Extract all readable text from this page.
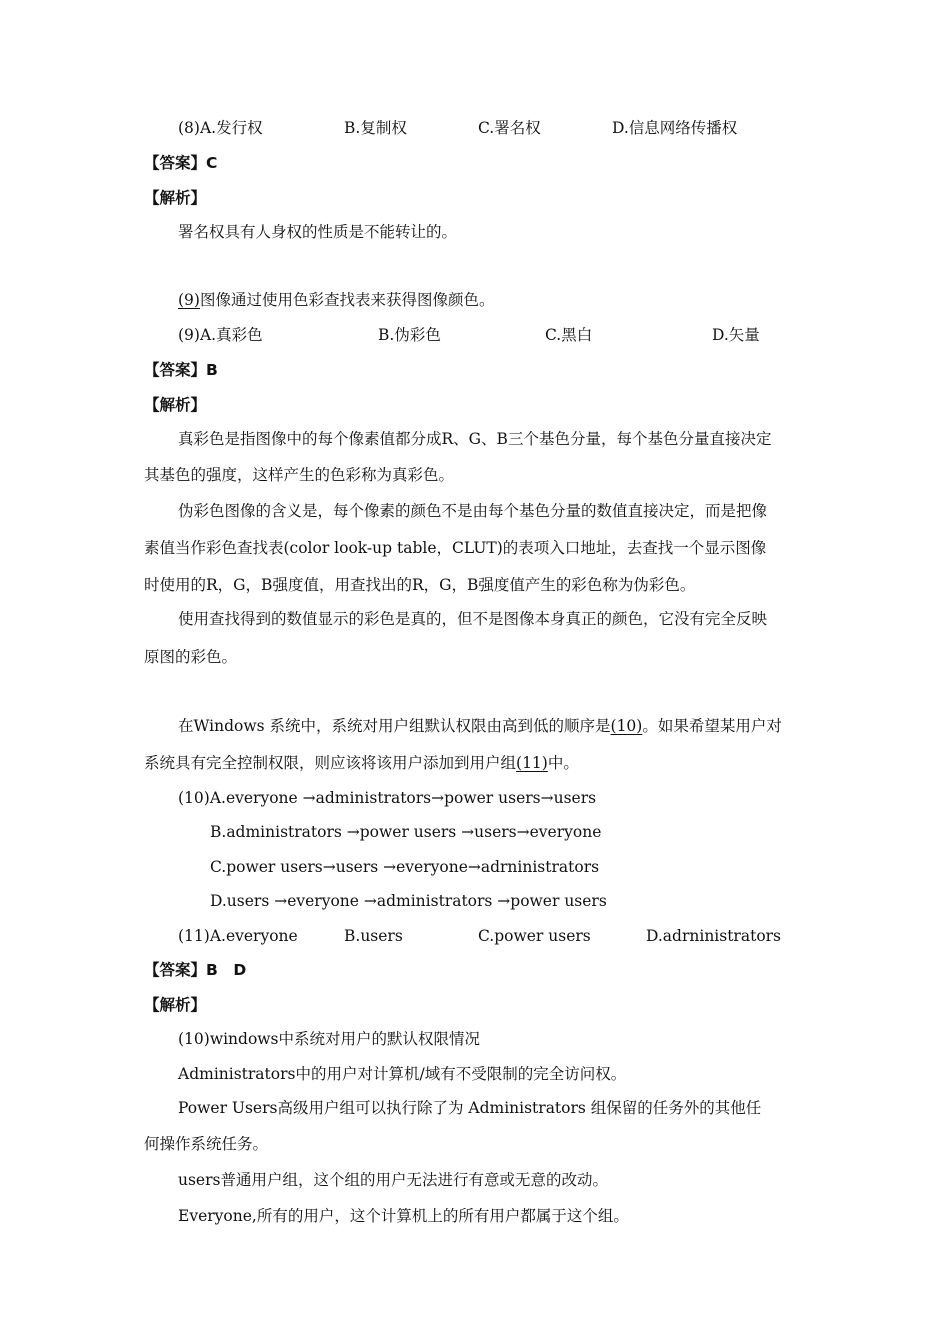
(8)A.发行权	B.复制权	C.署名权	D.信息网络传播权
【答案】C
【解析】
署名权具有人身权的性质是不能转让的。
(9)图像通过使用色彩查找表来获得图像颜色。
(9)A.真彩色	B.伪彩色	C.黑白	D.矢量
【答案】B
【解析】
真彩色是指图像中的每个像素值都分成R、G、B三个基色分量，每个基色分量直接决定
其基色的强度，这样产生的色彩称为真彩色。
伪彩色图像的含义是，每个像素的颜色不是由每个基色分量的数值直接决定，而是把像
素值当作彩色查找表(color look-up table，CLUT)的表项入口地址，去查找一个显示图像
时使用的R，G，B强度值，用查找出的R，G，B强度值产生的彩色称为伪彩色。
使用查找得到的数值显示的彩色是真的，但不是图像本身真正的颜色，它没有完全反映
原图的彩色。
在Windows 系统中，系统对用户组默认权限由高到低的顺序是(10)。如果希望某用户对
系统具有完全控制权限，则应该将该用户添加到用户组(11)中。
(10)A.everyone →administrators→power users→users
B.administrators →power users →users→everyone
C.power users→users →everyone→adrninistrators
D.users →everyone →administrators →power users
(11)A.everyone	B.users	C.power users	D.adrninistrators
【答案】B　D
【解析】
(10)windows中系统对用户的默认权限情况
Administrators中的用户对计算机/域有不受限制的完全访问权。
Power Users高级用户组可以执行除了为 Administrators 组保留的任务外的其他任
何操作系统任务。
users普通用户组，这个组的用户无法进行有意或无意的改动。
Everyone,所有的用户，这个计算机上的所有用户都属于这个组。
